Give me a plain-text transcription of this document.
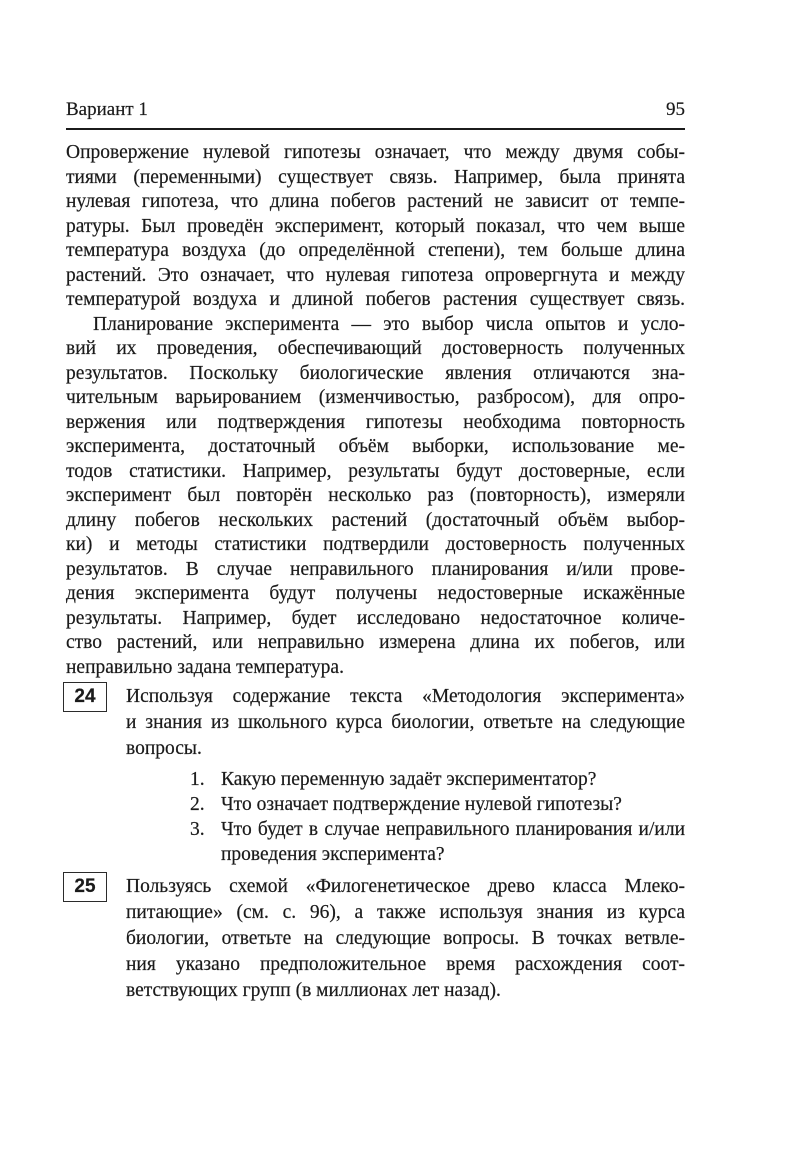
Вариант 1	95
Опровержение нулевой гипотезы означает, что между двумя собы-
тиями (переменными) существует связь. Например, была принята
нулевая гипотеза, что длина побегов растений не зависит от темпе-
ратуры. Был проведён эксперимент, который показал, что чем выше
температура воздуха (до определённой степени), тем больше длина
растений. Это означает, что нулевая гипотеза опровергнута и между
температурой воздуха и длиной побегов растения существует связь.
Планирование эксперимента — это выбор числа опытов и усло-
вий их проведения, обеспечивающий достоверность полученных
результатов. Поскольку биологические явления отличаются зна-
чительным варьированием (изменчивостью, разбросом), для опро-
вержения или подтверждения гипотезы необходима повторность
эксперимента, достаточный объём выборки, использование ме-
тодов статистики. Например, результаты будут достоверные, если
эксперимент был повторён несколько раз (повторность), измеряли
длину побегов нескольких растений (достаточный объём выбор-
ки) и методы статистики подтвердили достоверность полученных
результатов. В случае неправильного планирования и/или прове-
дения эксперимента будут получены недостоверные искажённые
результаты. Например, будет исследовано недостаточное количе-
ство растений, или неправильно измерена длина их побегов, или
неправильно задана температура.
24 Используя содержание текста «Методология эксперимента»
и знания из школьного курса биологии, ответьте на следующие
вопросы.
1. Какую переменную задаёт экспериментатор?
2. Что означает подтверждение нулевой гипотезы?
3. Что будет в случае неправильного планирования и/или
проведения эксперимента?
25 Пользуясь схемой «Филогенетическое древо класса Млеко-
питающие» (см. с. 96), а также используя знания из курса
биологии, ответьте на следующие вопросы. В точках ветвле-
ния указано предположительное время расхождения соот-
ветствующих групп (в миллионах лет назад).
